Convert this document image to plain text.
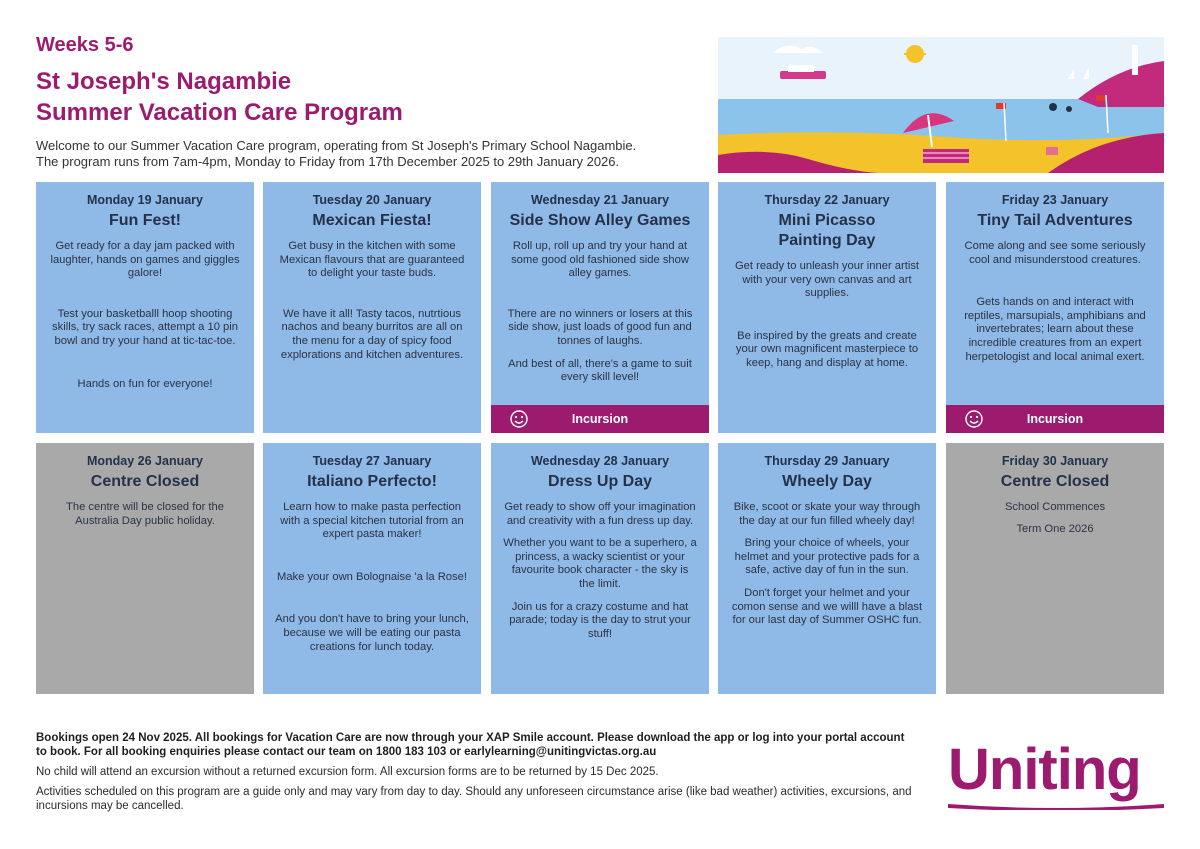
Weeks 5-6
St Joseph's Nagambie
Summer Vacation Care Program
Welcome to our Summer Vacation Care program, operating from St Joseph's Primary School Nagambie.
The program runs from 7am-4pm, Monday to Friday from 17th December 2025 to 29th January 2026.
Monday 19 January
Fun Fest!

Get ready for a day jam packed with laughter, hands on games and giggles galore!

Test your basketballl hoop shooting skills, try sack races, attempt a 10 pin bowl and try your hand at tic-tac-toe.

Hands on fun for everyone!

Tuesday 20 January
Mexican Fiesta!

Get busy in the kitchen with some Mexican flavours that are guaranteed to delight your taste buds.

We have it all! Tasty tacos, nutrtious nachos and beany burritos are all on the menu for a day of spicy food explorations and kitchen adventures.

Wednesday 21 January
Side Show Alley Games

Roll up, roll up and try your hand at some good old fashioned side show alley games.

There are no winners or losers at this side show, just loads of good fun and tonnes of laughs.

And best of all, there's a game to suit every skill level!

Incursion
Thursday 22 January
Mini Picasso Painting Day

Get ready to unleash your inner artist with your very own canvas and art supplies.

Be inspired by the greats and create your own magnificent masterpiece to keep, hang and display at home.

Friday 23 January
Tiny Tail Adventures

Come along and see some seriously cool and misunderstood creatures.

Gets hands on and interact with reptiles, marsupials, amphibians and invertebrates; learn about these incredible creatures from an expert herpetologist and local animal exert.

Incursion
Monday 26 January
Centre Closed

The centre will be closed for the Australia Day public holiday.

Tuesday 27 January
Italiano Perfecto!

Learn how to make pasta perfection with a special kitchen tutorial from an expert pasta maker!

Make your own Bolognaise 'a la Rose!

And you don't have to bring your lunch, because we will be eating our pasta creations for lunch today.

Wednesday 28 January
Dress Up Day

Get ready to show off your imagination and creativity with a fun dress up day.

Whether you want to be a superhero, a princess, a wacky scientist or your favourite book character - the sky is the limit.

Join us for a crazy costume and hat parade; today is the day to strut your stuff!

Thursday 29 January
Wheely Day

Bike, scoot or skate your way through the day at our fun filled wheely day!

Bring your choice of wheels, your helmet and your protective pads for a safe, active day of fun in the sun.

Don't forget your helmet and your comon sense and we willl have a blast for our last day of Summer OSHC fun.

Friday 30 January
Centre Closed

School Commences

Term One 2026

Bookings open 24 Nov 2025. All bookings for Vacation Care are now through your XAP Smile account. Please download the app or log into your portal account to book. For all booking enquiries please contact our team on 1800 183 103 or earlylearning@unitingvictas.org.au

No child will attend an excursion without a returned excursion form. All excursion forms are to be returned by 15 Dec 2025.

Activities scheduled on this program are a guide only and may vary from day to day. Should any unforeseen circumstance arise (like bad weather) activities, excursions, and incursions may be cancelled.

Uniting
